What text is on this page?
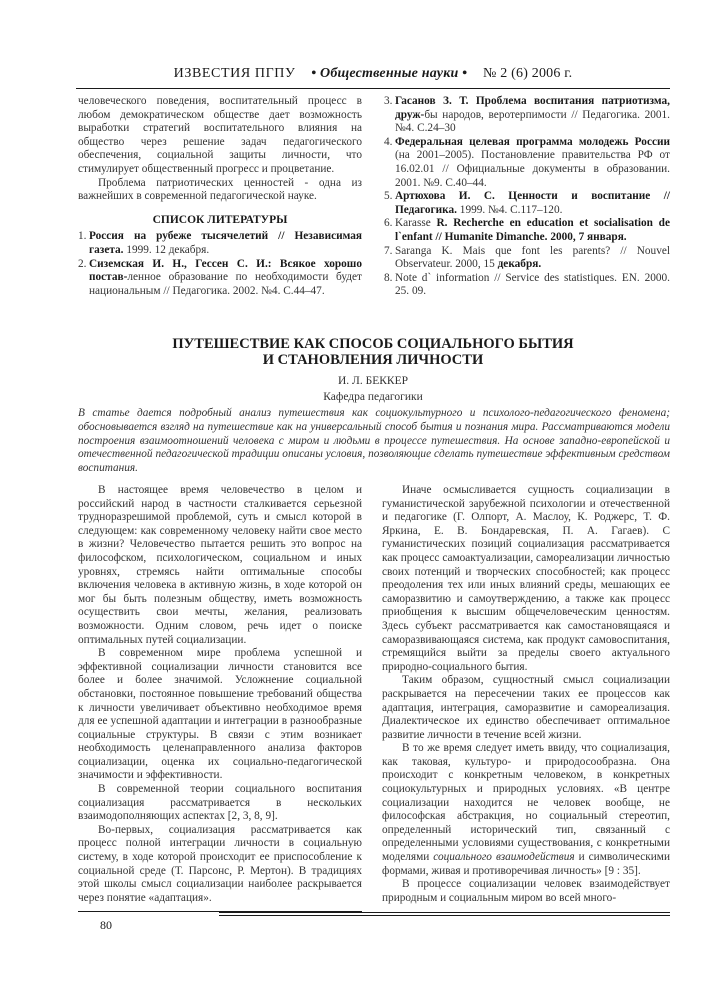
ИЗВЕСТИЯ ПГПУ • Общественные науки • № 2 (6) 2006 г.

человеческого поведения, воспитательный процесс в любом демократическом обществе дает возможность выработки стратегий воспитательного влияния на общество через решение задач педагогического обеспечения, социальной защиты личности, что стимулирует общественный прогресс и процветание.

Проблема патриотических ценностей - одна из важнейших в современной педагогической науке.

СПИСОК ЛИТЕРАТУРЫ
1. Россия на рубеже тысячелетий // Независимая газета. 1999. 12 декабря.
2. Сиземская И. Н., Гессен С. И.: Всякое хорошо постав-ленное образование по необходимости будет национальным // Педагогика. 2002. №4. С.44–47.
3. Гасанов З. Т. Проблема воспитания патриотизма, друж-бы народов, веротерпимости // Педагогика. 2001. №4. С.24–30
4. Федеральная целевая программа молодежь России (на 2001–2005). Постановление правительства РФ от 16.02.01 // Официальные документы в образовании. 2001. №9. С.40–44.
5. Артюхова И. С. Ценности и воспитание // Педагогика. 1999. №4. С.117–120.
6. Karasse R. Recherche en education et socialisation de l`enfant // Humanite Dimanche. 2000, 7 января.
7. Saranga K. Mais que font les parents? // Nouvel Observateur. 2000, 15 декабря.
8. Note d` information // Service des statistiques. EN. 2000. 25. 09.
ПУТЕШЕСТВИЕ КАК СПОСОБ СОЦИАЛЬНОГО БЫТИЯ
И СТАНОВЛЕНИЯ ЛИЧНОСТИ
И. Л. БЕККЕР
Кафедра педагогики
В статье дается подробный анализ путешествия как социокультурного и психолого-педагогического феномена; обосновывается взгляд на путешествие как на универсальный способ бытия и познания мира. Рассматриваются модели построения взаимоотношений человека с миром и людьми в процессе путешествия. На основе западно-европейской и отечественной педагогической традиции описаны условия, позволяющие сделать путешествие эффективным средством воспитания.

В настоящее время человечество в целом и российский народ в частности сталкивается серьезной трудноразрешимой проблемой, суть и смысл которой в следующем: как современному человеку найти свое место в жизни? Человечество пытается решить это вопрос на философском, психологическом, социальном и иных уровнях, стремясь найти оптимальные способы включения человека в активную жизнь, в ходе которой он мог бы быть полезным обществу, иметь возможность осуществить свои мечты, желания, реализовать возможности. Одним словом, речь идет о поиске оптимальных путей социализации.

В современном мире проблема успешной и эффективной социализации личности становится все более и более значимой. Усложнение социальной обстановки, постоянное повышение требований общества к личности увеличивает объективно необходимое время для ее успешной адаптации и интеграции в разнообразные социальные структуры. В связи с этим возникает необходимость целенаправленного анализа факторов социализации, оценка их социально-педагогической значимости и эффективности.

В современной теории социального воспитания социализация рассматривается в нескольких взаимодополняющих аспектах [2, 3, 8, 9].

Во-первых, социализация рассматривается как процесс полной интеграции личности в социальную систему, в ходе которой происходит ее приспособление к социальной среде (Т. Парсонс, Р. Мертон). В традициях этой школы смысл социализации наиболее раскрывается через понятие «адаптация».

Иначе осмысливается сущность социализации в гуманистической зарубежной психологии и отечественной и педагогике (Г. Олпорт, А. Маслоу, К. Роджерс, Т. Ф. Яркина, Е. В. Бондаревская, П. А. Гагаев). С гуманистических позиций социализация рассматривается как процесс самоактуализации, самореализации личностью своих потенций и творческих способностей; как процесс преодоления тех или иных влияний среды, мешающих ее саморазвитию и самоутверждению, а также как процесс приобщения к высшим общечеловеческим ценностям. Здесь субъект рассматривается как самостановящаяся и саморазвивающаяся система, как продукт самовоспитания, стремящийся выйти за пределы своего актуального природно-социального бытия.

Таким образом, сущностный смысл социализации раскрывается на пересечении таких ее процессов как адаптация, интеграция, саморазвитие и самореализация. Диалектическое их единство обеспечивает оптимальное развитие личности в течение всей жизни.

В то же время следует иметь ввиду, что социализация, как таковая, культуро- и природосообразна. Она происходит с конкретным человеком, в конкретных социокультурных и природных условиях. «В центре социализации находится не человек вообще, не философская абстракция, но социальный стереотип, определенный исторический тип, связанный с определенными условиями существования, с конкретными моделями социального взаимодействия и символическими формами, живая и противоречивая личность» [9 : 35].

В процессе социализации человек взаимодействует природным и социальным миром во всей много-

80
